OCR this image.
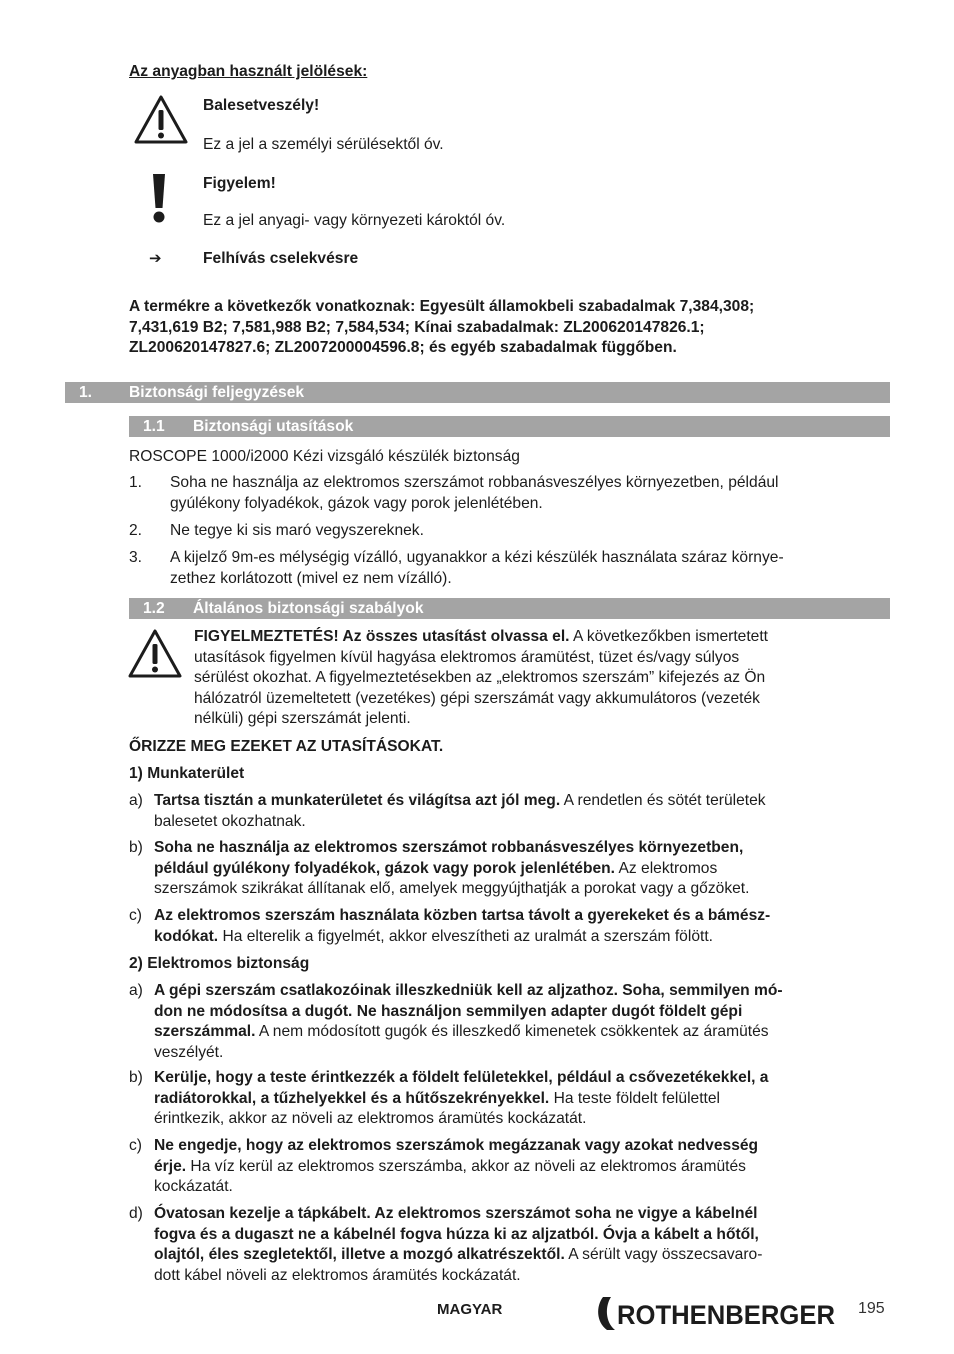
Az anyagban használt jelölések:
Balesetveszély!
Ez a jel a személyi sérülésektől óv.
Figyelem!
Ez a jel anyagi- vagy környezeti károktól óv.
➔	Felhívás cselekvésre
A termékre a következők vonatkoznak: Egyesült államokbeli szabadalmak 7,384,308;
7,431,619 B2; 7,581,988 B2; 7,584,534; Kínai szabadalmak: ZL200620147826.1;
ZL200620147827.6; ZL2007200004596.8; és egyéb szabadalmak függőben.
1. Biztonsági feljegyzések
1.1 Biztonsági utasítások
ROSCOPE 1000/i2000 Kézi vizsgáló készülék biztonság
1. Soha ne használja az elektromos szerszámot robbanásveszélyes környezetben, például
gyúlékony folyadékok, gázok vagy porok jelenlétében.
2. Ne tegye ki sis maró vegyszereknek.
3. A kijelző 9m-es mélységig vízálló, ugyanakkor a kézi készülék használata száraz környe-
zethez korlátozott (mivel ez nem vízálló).
1.2 Általános biztonsági szabályok
FIGYELMEZTETÉS! Az összes utasítást olvassa el. A következőkben ismertetett
utasítások figyelmen kívül hagyása elektromos áramütést, tüzet és/vagy súlyos
sérülést okozhat. A figyelmeztetésekben az „elektromos szerszám” kifejezés az Ön
hálózatról üzemeltetett (vezetékes) gépi szerszámát vagy akkumulátoros (vezeték
nélküli) gépi szerszámát jelenti.
ŐRIZZE MEG EZEKET AZ UTASÍTÁSOKAT.
1) Munkaterület
a) Tartsa tisztán a munkaterületet és világítsa azt jól meg. A rendetlen és sötét területek
balesetet okozhatnak.
b) Soha ne használja az elektromos szerszámot robbanásveszélyes környezetben,
például gyúlékony folyadékok, gázok vagy porok jelenlétében. Az elektromos
szerszámok szikrákat állítanak elő, amelyek meggyújthatják a porokat vagy a gőzöket.
c) Az elektromos szerszám használata közben tartsa távolt a gyerekeket és a bámész-
kodókat. Ha elterelik a figyelmét, akkor elveszítheti az uralmát a szerszám fölött.
2) Elektromos biztonság
a) A gépi szerszám csatlakozóinak illeszkedniük kell az aljzathoz. Soha, semmilyen mó-
don ne módosítsa a dugót. Ne használjon semmilyen adapter dugót földelt gépi
szerszámmal. A nem módosított gugók és illeszkedő kimenetek csökkentek az áramütés
veszélyét.
b) Kerülje, hogy a teste érintkezzék a földelt felületekkel, például a csővezetékekkel, a
radiátorokkal, a tűzhelyekkel és a hűtőszekrényekkel. Ha teste földelt felülettel
érintkezik, akkor az növeli az elektromos áramütés kockázatát.
c) Ne engedje, hogy az elektromos szerszámok megázzanak vagy azokat nedvesség
érje. Ha víz kerül az elektromos szerszámba, akkor az növeli az elektromos áramütés
kockázatát.
d) Óvatosan kezelje a tápkábelt. Az elektromos szerszámot soha ne vigye a kábelnél
fogva és a dugaszt ne a kábelnél fogva húzza ki az aljzatból. Óvja a kábelt a hőtől,
olajtól, éles szegletektől, illetve a mozgó alkatrészektől. A sérült vagy összecsavaro-
dott kábel növeli az elektromos áramütés kockázatát.
MAGYAR	ROTHENBERGER 195
